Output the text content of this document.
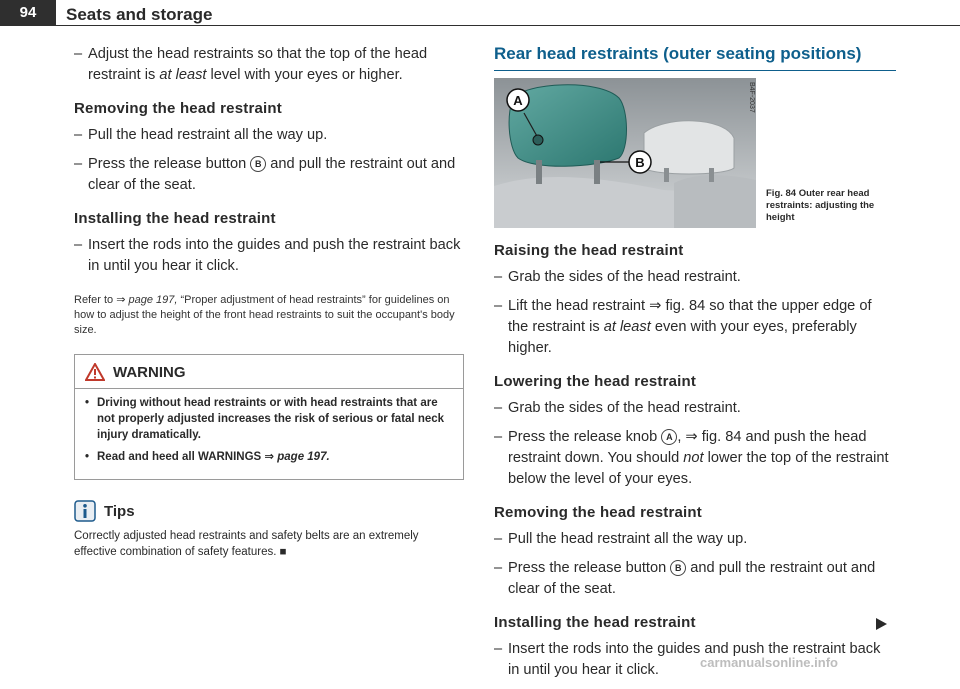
94	Seats and storage

– Adjust the head restraints so that the top of the head restraint is at least level with your eyes or higher.

Removing the head restraint

– Pull the head restraint all the way up.

– Press the release button B and pull the restraint out and clear of the seat.

Installing the head restraint

– Insert the rods into the guides and push the restraint back in until you hear it click.

Refer to ⇒ page 197, “Proper adjustment of head restraints” for guidelines on how to adjust the height of the front head restraints to suit the occupant's body size.

WARNING

• Driving without head restraints or with head restraints that are not properly adjusted increases the risk of serious or fatal neck injury dramatically.

• Read and heed all WARNINGS ⇒ page 197.

Tips

Correctly adjusted head restraints and safety belts are an extremely effective combination of safety features. ■

Rear head restraints (outer seating positions)
A
B
B4F-2037
Fig. 84 Outer rear head restraints: adjusting the height
Raising the head restraint

– Grab the sides of the head restraint.

– Lift the head restraint ⇒ fig. 84 so that the upper edge of the restraint is at least even with your eyes, preferably higher.

Lowering the head restraint

– Grab the sides of the head restraint.

– Press the release knob A , ⇒ fig. 84 and push the head restraint down. You should not lower the top of the restraint below the level of your eyes.

Removing the head restraint

– Pull the head restraint all the way up.

– Press the release button B and pull the restraint out and clear of the seat.

Installing the head restraint

– Insert the rods into the guides and push the restraint back in until you hear it click.	carmanualsonline.info
